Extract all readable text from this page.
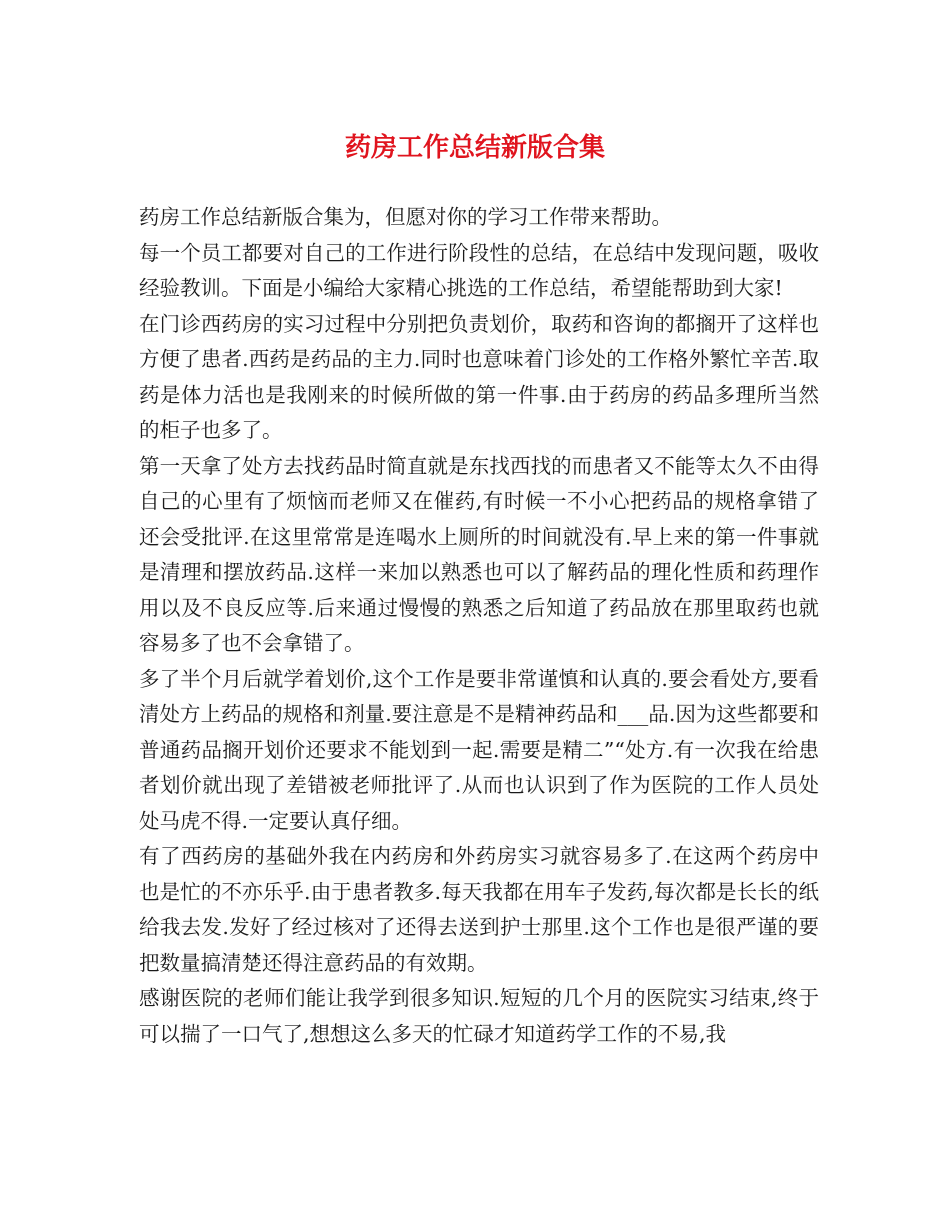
药房工作总结新版合集

药房工作总结新版合集为，但愿对你的学习工作带来帮助。

每一个员工都要对自己的工作进行阶段性的总结，在总结中发现问题，吸收经验教训。下面是小编给大家精心挑选的工作总结，希望能帮助到大家!

在门诊西药房的实习过程中分别把负责划价，取药和咨询的都搁开了这样也方便了患者.西药是药品的主力.同时也意味着门诊处的工作格外繁忙辛苦.取药是体力活也是我刚来的时候所做的第一件事.由于药房的药品多理所当然的柜子也多了。

第一天拿了处方去找药品时简直就是东找西找的而患者又不能等太久不由得自己的心里有了烦恼而老师又在催药,有时候一不小心把药品的规格拿错了还会受批评.在这里常常是连喝水上厕所的时间就没有.早上来的第一件事就是清理和摆放药品.这样一来加以熟悉也可以了解药品的理化性质和药理作用以及不良反应等.后来通过慢慢的熟悉之后知道了药品放在那里取药也就容易多了也不会拿错了。

多了半个月后就学着划价,这个工作是要非常谨慎和认真的.要会看处方,要看清处方上药品的规格和剂量.要注意是不是精神药品和___品.因为这些都要和普通药品搁开划价还要求不能划到一起.需要是精二”“处方.有一次我在给患者划价就出现了差错被老师批评了.从而也认识到了作为医院的工作人员处处马虎不得.一定要认真仔细。

有了西药房的基础外我在内药房和外药房实习就容易多了.在这两个药房中也是忙的不亦乐乎.由于患者教多.每天我都在用车子发药,每次都是长长的纸给我去发.发好了经过核对了还得去送到护士那里.这个工作也是很严谨的要把数量搞清楚还得注意药品的有效期。

感谢医院的老师们能让我学到很多知识.短短的几个月的医院实习结束,终于可以揣了一口气了,想想这么多天的忙碌才知道药学工作的不易,我
